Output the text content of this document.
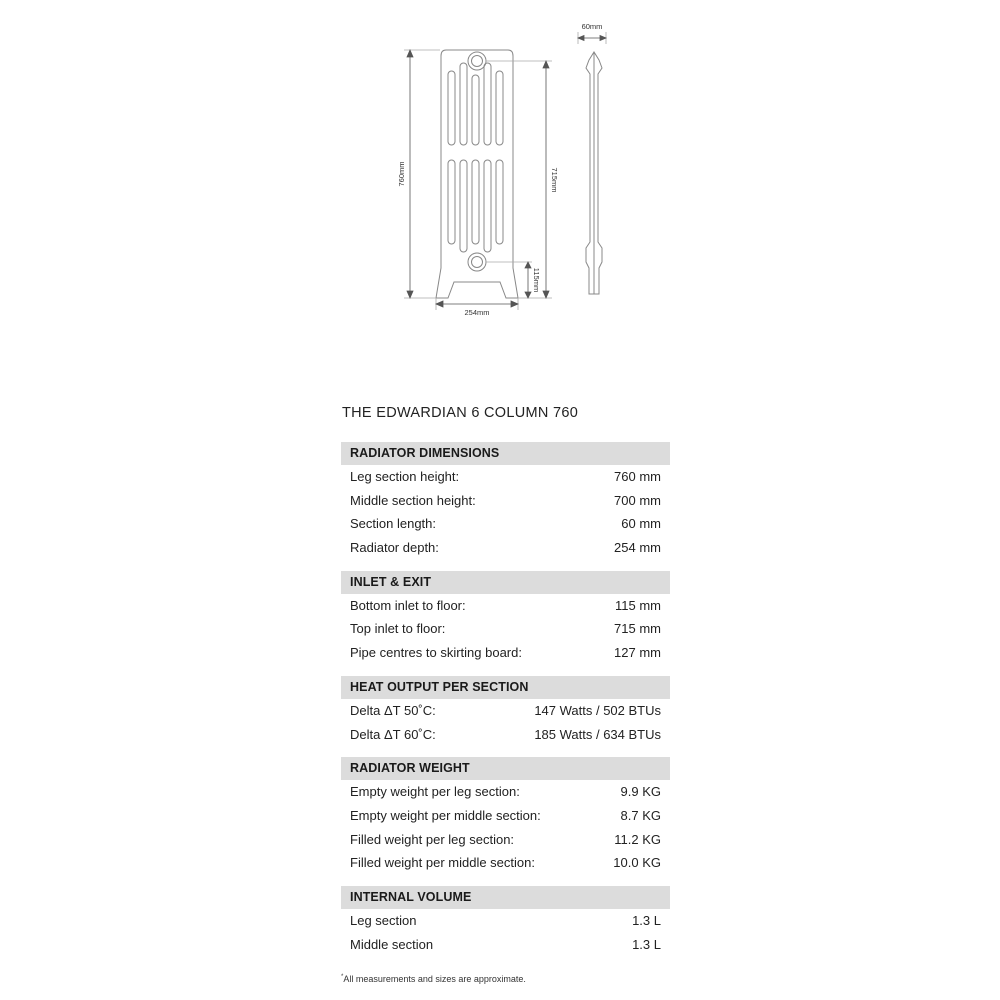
60mm
760mm	715mm
115mm
254mm
THE EDWARDIAN 6 COLUMN 760
RADIATOR DIMENSIONS
Leg section height:	760 mm
Middle section height:	700 mm
Section length:	60 mm
Radiator depth:	254 mm
INLET & EXIT
Bottom inlet to floor:	115 mm
Top inlet to floor:	715 mm
Pipe centres to skirting board:	127 mm
HEAT OUTPUT PER SECTION
Delta ΔT 50˚C:	147 Watts / 502 BTUs
Delta ΔT 60˚C:	185 Watts / 634 BTUs
RADIATOR WEIGHT
Empty weight per leg section:	9.9 KG
Empty weight per middle section:	8.7 KG
Filled weight per leg section:	11.2 KG
Filled weight per middle section:	10.0 KG
INTERNAL VOLUME
Leg section	1.3 L
Middle section	1.3 L
*All measurements and sizes are approximate.
